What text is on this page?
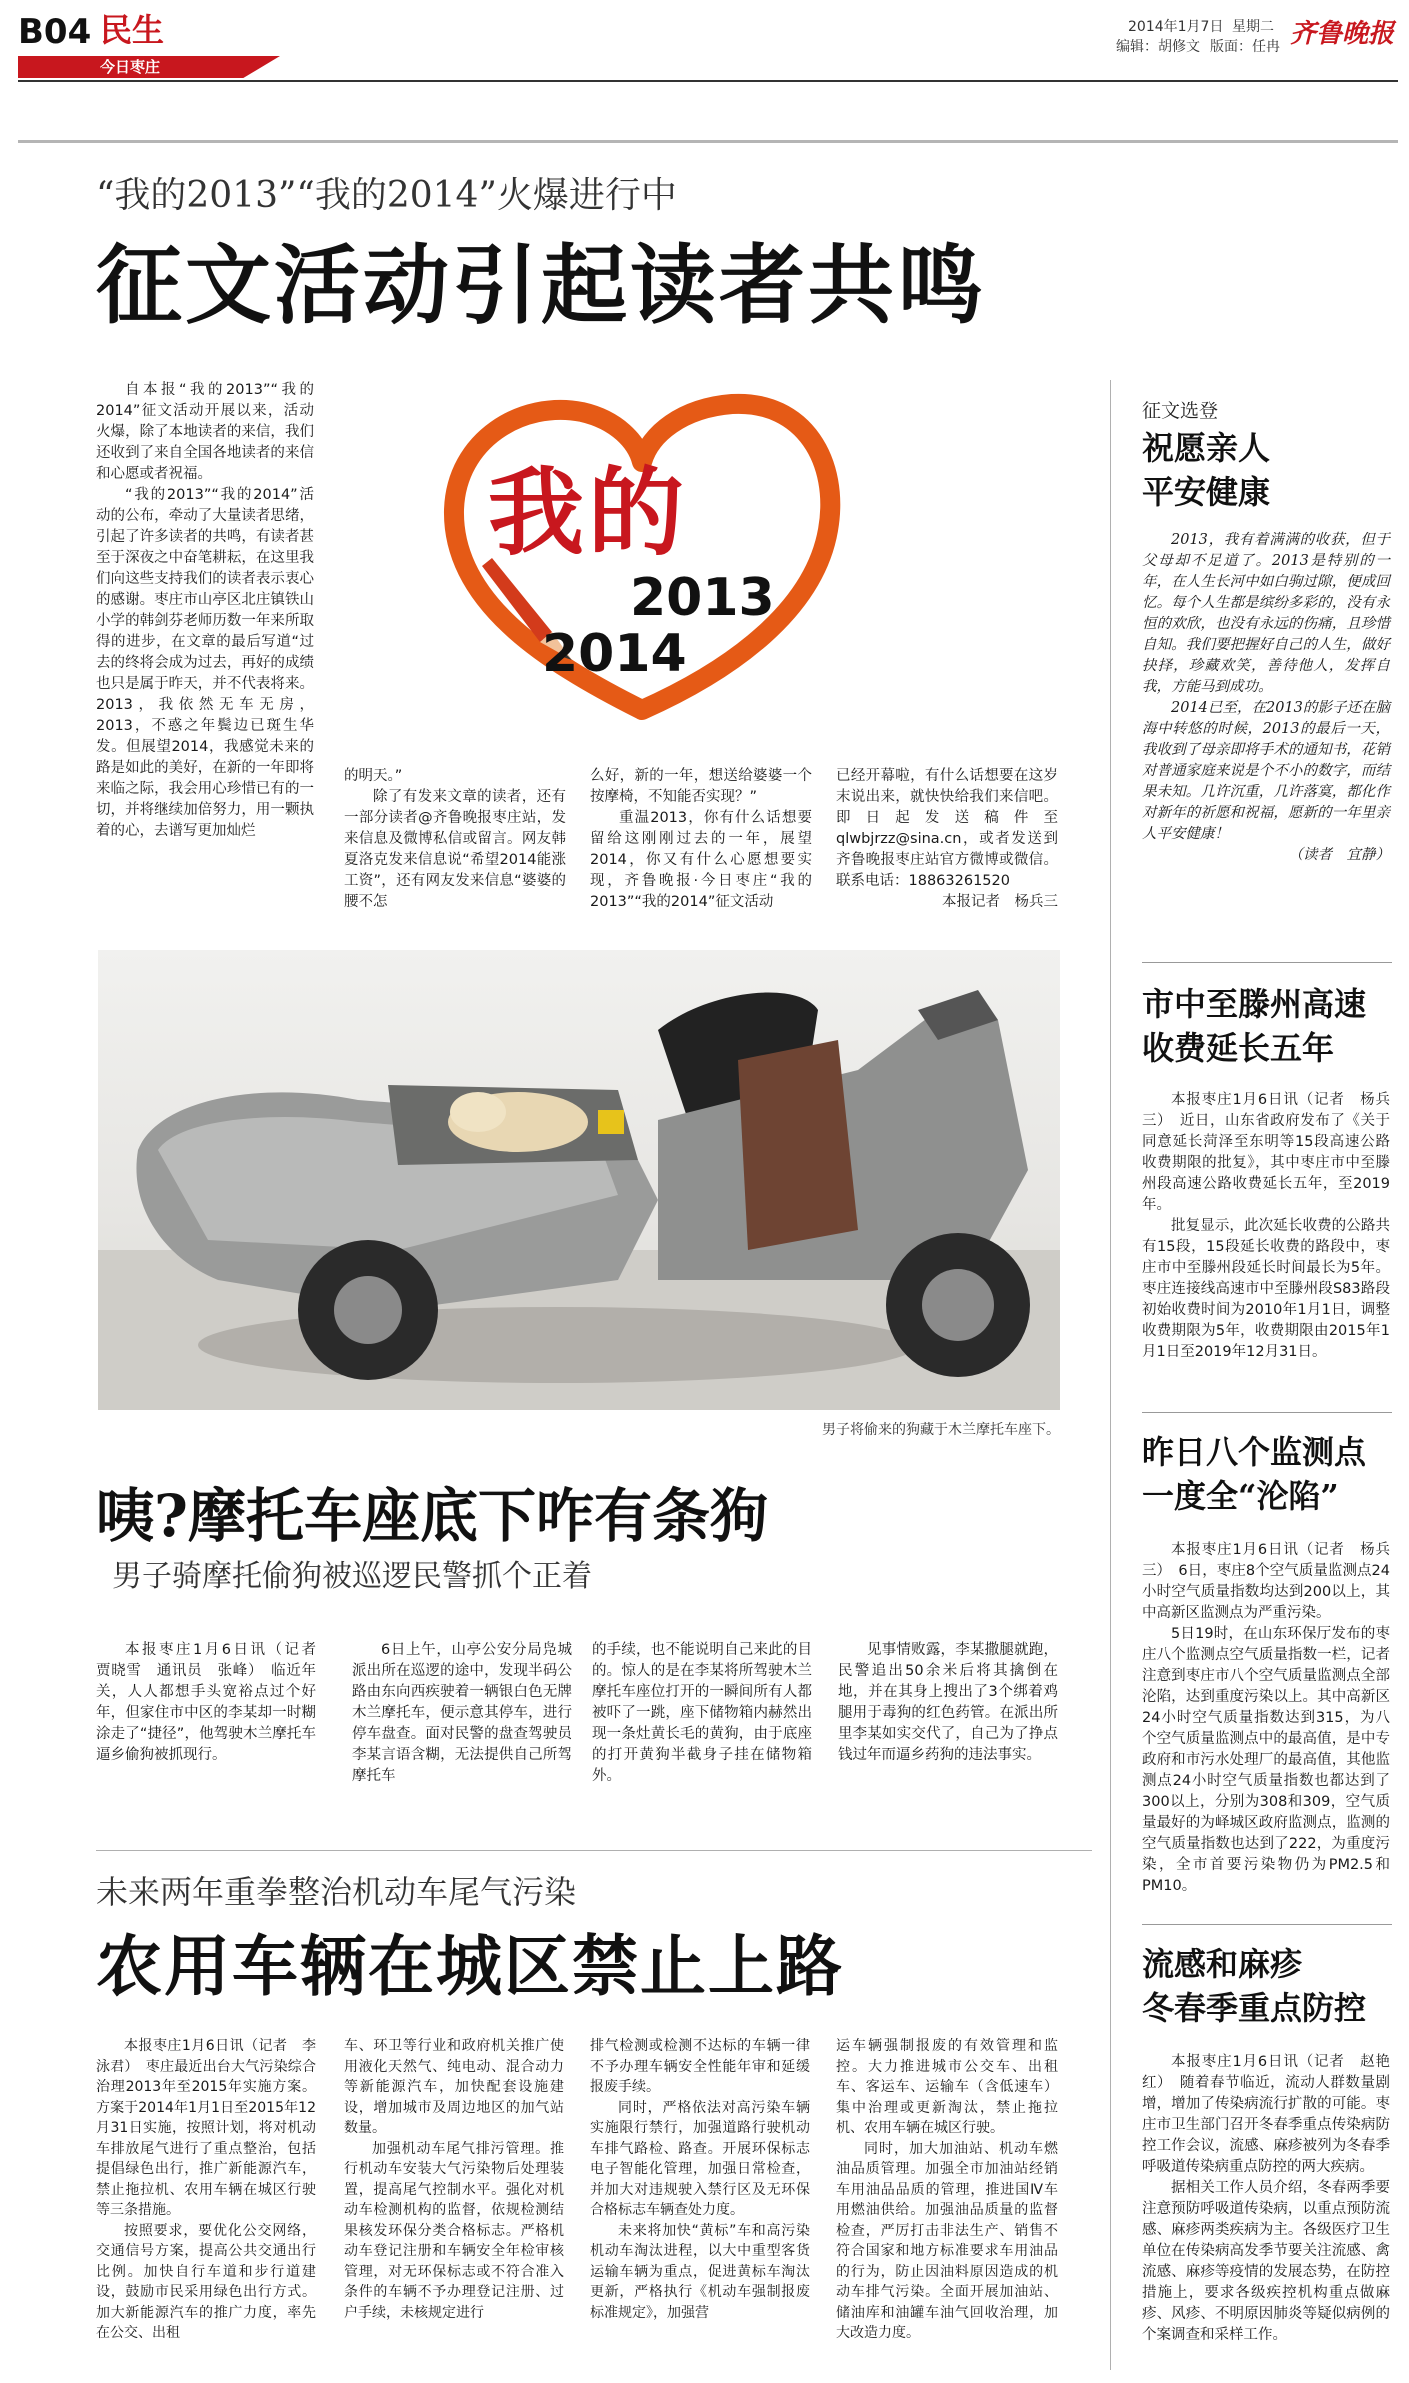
B04 民生
今日枣庄
2014年1月7日 星期二
编辑：胡修文 版面：任冉 齐鲁晚报
“我的2013”“我的2014”火爆进行中
征文活动引起读者共鸣

自本报“我的2013”“我的2014”征文活动开展以来，活动火爆，除了本地读者的来信，我们还收到了来自全国各地读者的来信和心愿或者祝福。

“我的2013”“我的2014”活动的公布，牵动了大量读者思绪，引起了许多读者的共鸣，有读者甚至于深夜之中奋笔耕耘，在这里我们向这些支持我们的读者表示衷心的感谢。枣庄市山亭区北庄镇铁山小学的韩剑芬老师历数一年来所取得的进步，在文章的最后写道“过去的终将会成为过去，再好的成绩也只是属于昨天，并不代表将来。2013，我依然无车无房，2013，不惑之年鬓边已斑生华发。但展望2014，我感觉未来的路是如此的美好，在新的一年即将来临之际，我会用心珍惜已有的一切，并将继续加倍努力，用一颗执着的心，去谱写更加灿烂

我的
2013
2014

的明天。”

除了有发来文章的读者，还有一部分读者@齐鲁晚报枣庄站，发来信息及微博私信或留言。网友韩夏洛克发来信息说“希望2014能涨工资”，还有网友发来信息“婆婆的腰不怎

么好，新的一年，想送给婆婆一个按摩椅，不知能否实现？”

重温2013，你有什么话想要留给这刚刚过去的一年，展望2014，你又有什么心愿想要实现，齐鲁晚报·今日枣庄“我的2013”“我的2014”征文活动

已经开幕啦，有什么话想要在这岁末说出来，就快快给我们来信吧。即日起发送稿件至qlwbjrzz@sina.cn，或者发送到齐鲁晚报枣庄站官方微博或微信。联系电话：18863261520

本报记者　杨兵三

征文选登
祝愿亲人
平安健康

2013，我有着满满的收获，但于父母却不足道了。2013是特别的一年，在人生长河中如白驹过隙，便成回忆。每个人生都是缤纷多彩的，没有永恒的欢欣，也没有永远的伤痛，且珍惜自知。我们要把握好自己的人生，做好抉择，珍藏欢笑，善待他人，发挥自我，方能马到成功。

2014已至，在2013的影子还在脑海中转悠的时候，2013的最后一天，我收到了母亲即将手术的通知书，花销对普通家庭来说是个不小的数字，而结果未知。几许沉重，几许落寞，都化作对新年的祈愿和祝福，愿新的一年里亲人平安健康！

（读者　宜静）

市中至滕州高速
收费延长五年

本报枣庄1月6日讯（记者　杨兵三）　近日，山东省政府发布了《关于同意延长菏泽至东明等15段高速公路收费期限的批复》，其中枣庄市中至滕州段高速公路收费延长五年，至2019年。

批复显示，此次延长收费的公路共有15段，15段延长收费的路段中，枣庄市中至滕州段延长时间最长为5年。枣庄连接线高速市中至滕州段S83路段初始收费时间为2010年1月1日，调整收费期限为5年，收费期限由2015年1月1日至2019年12月31日。

昨日八个监测点
一度全“沦陷”

本报枣庄1月6日讯（记者　杨兵三）　6日，枣庄8个空气质量监测点24小时空气质量指数均达到200以上，其中高新区监测点为严重污染。

5日19时，在山东环保厅发布的枣庄八个监测点空气质量指数一栏，记者注意到枣庄市八个空气质量监测点全部沦陷，达到重度污染以上。其中高新区24小时空气质量指数达到315，为八个空气质量监测点中的最高值，是中专政府和市污水处理厂的最高值，其他监测点24小时空气质量指数也都达到了300以上，分别为308和309，空气质量最好的为峄城区政府监测点，监测的空气质量指数也达到了222，为重度污染，全市首要污染物仍为PM2.5和PM10。

流感和麻疹
冬春季重点防控

本报枣庄1月6日讯（记者　赵艳红）　随着春节临近，流动人群数量剧增，增加了传染病流行扩散的可能。枣庄市卫生部门召开冬春季重点传染病防控工作会议，流感、麻疹被列为冬春季呼吸道传染病重点防控的两大疾病。

据相关工作人员介绍，冬春两季要注意预防呼吸道传染病，以重点预防流感、麻疹两类疾病为主。各级医疗卫生单位在传染病高发季节要关注流感、禽流感、麻疹等疫情的发展态势，在防控措施上，要求各级疾控机构重点做麻疹、风疹、不明原因肺炎等疑似病例的个案调查和采样工作。

男子将偷来的狗藏于木兰摩托车座下。
咦?摩托车座底下咋有条狗
男子骑摩托偷狗被巡逻民警抓个正着

本报枣庄1月6日讯（记者　贾晓雪　通讯员　张峰）　临近年关，人人都想手头宽裕点过个好年，但家住市中区的李某却一时糊涂走了“捷径”，他驾驶木兰摩托车逼乡偷狗被抓现行。

6日上午，山亭公安分局凫城派出所在巡逻的途中，发现半码公路由东向西疾驶着一辆银白色无牌木兰摩托车，便示意其停车，进行停车盘查。面对民警的盘查驾驶员李某言语含糊，无法提供自己所驾摩托车

的手续，也不能说明自己来此的目的。惊人的是在李某将所驾驶木兰摩托车座位打开的一瞬间所有人都被吓了一跳，座下储物箱内赫然出现一条灶黄长毛的黄狗，由于底座的打开黄狗半截身子挂在储物箱外。

见事情败露，李某撒腿就跑，民警追出50余米后将其擒倒在地，并在其身上搜出了3个绑着鸡腿用于毒狗的红色药管。在派出所里李某如实交代了，自己为了挣点钱过年而逼乡药狗的违法事实。

未来两年重拳整治机动车尾气污染
农用车辆在城区禁止上路

本报枣庄1月6日讯（记者　李泳君）　枣庄最近出台大气污染综合治理2013年至2015年实施方案。方案于2014年1月1日至2015年12月31日实施，按照计划，将对机动车排放尾气进行了重点整治，包括提倡绿色出行，推广新能源汽车，禁止拖拉机、农用车辆在城区行驶等三条措施。

按照要求，要优化公交网络，交通信号方案，提高公共交通出行比例。加快自行车道和步行道建设，鼓励市民采用绿色出行方式。加大新能源汽车的推广力度，率先在公交、出租

车、环卫等行业和政府机关推广使用液化天然气、纯电动、混合动力等新能源汽车，加快配套设施建设，增加城市及周边地区的加气站数量。

加强机动车尾气排污管理。推行机动车安装大气污染物后处理装置，提高尾气控制水平。强化对机动车检测机构的监督，依规检测结果核发环保分类合格标志。严格机动车登记注册和车辆安全年检审核管理，对无环保标志或不符合准入条件的车辆不予办理登记注册、过户手续，未核规定进行

排气检测或检测不达标的车辆一律不予办理车辆安全性能年审和延缓报废手续。

同时，严格依法对高污染车辆实施限行禁行，加强道路行驶机动车排气路检、路查。开展环保标志电子智能化管理，加强日常检查，并加大对违规驶入禁行区及无环保合格标志车辆查处力度。

未来将加快“黄标”车和高污染机动车淘汰进程，以大中重型客货运输车辆为重点，促进黄标车淘汰更新，严格执行《机动车强制报废标准规定》，加强营

运车辆强制报废的有效管理和监控。大力推进城市公交车、出租车、客运车、运输车（含低速车）集中治理或更新淘汰，禁止拖拉机、农用车辆在城区行驶。

同时，加大加油站、机动车燃油品质管理。加强全市加油站经销车用油品品质的管理，推进国Ⅳ车用燃油供给。加强油品质量的监督检查，严厉打击非法生产、销售不符合国家和地方标准要求车用油品的行为，防止因油料原因造成的机动车排气污染。全面开展加油站、储油库和油罐车油气回收治理，加大改造力度。
